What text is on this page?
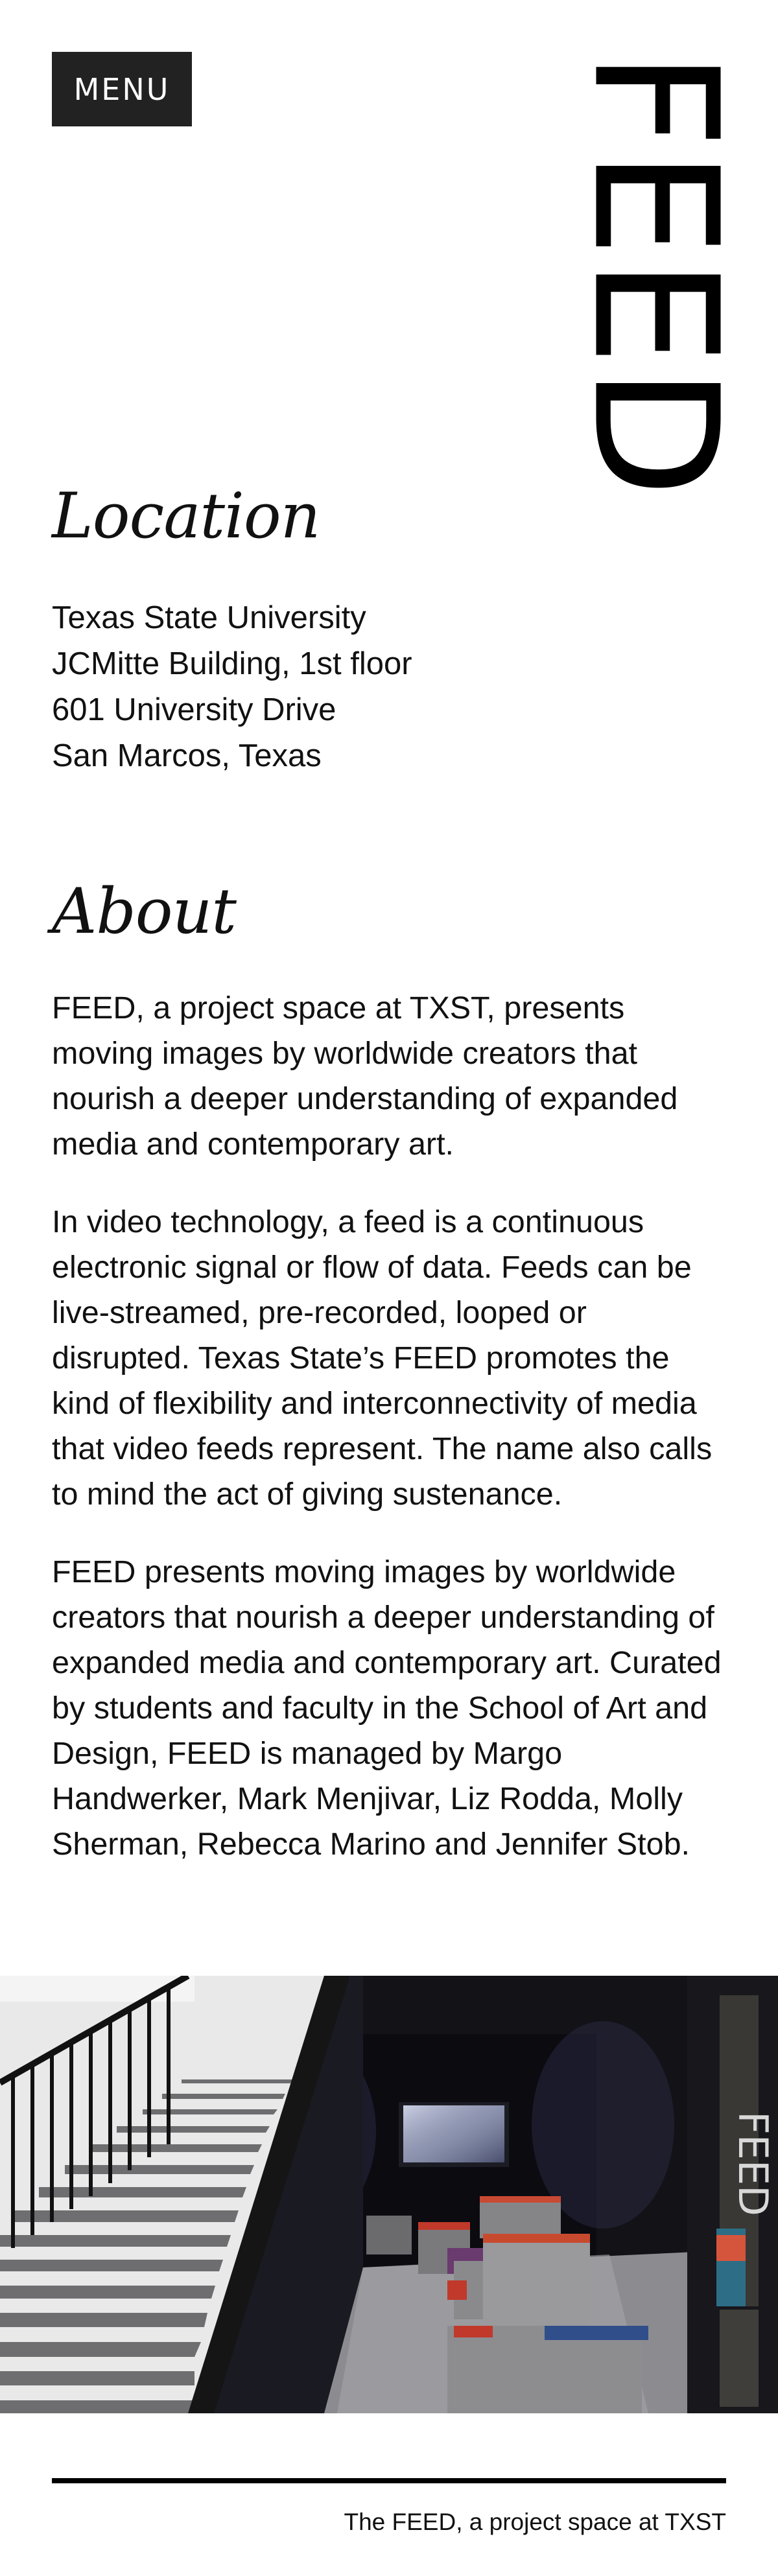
MENU FEED
Location
Texas State University
JCMitte Building, 1st floor
601 University Drive
San Marcos, Texas
About

FEED, a project space at TXST, presents moving images by worldwide creators that nourish a deeper understanding of expanded media and contemporary art.

In video technology, a feed is a continuous electronic signal or flow of data. Feeds can be live-streamed, pre-recorded, looped or disrupted. Texas State’s FEED promotes the kind of flexibility and interconnectivity of media that video feeds represent. The name also calls to mind the act of giving sustenance.

FEED presents moving images by worldwide creators that nourish a deeper understanding of expanded media and contemporary art. Curated by students and faculty in the School of Art and Design, FEED is managed by Margo Handwerker, Mark Menjivar, Liz Rodda, Molly Sherman, Rebecca Marino and Jennifer Stob.

FEED
The FEED, a project space at TXST
